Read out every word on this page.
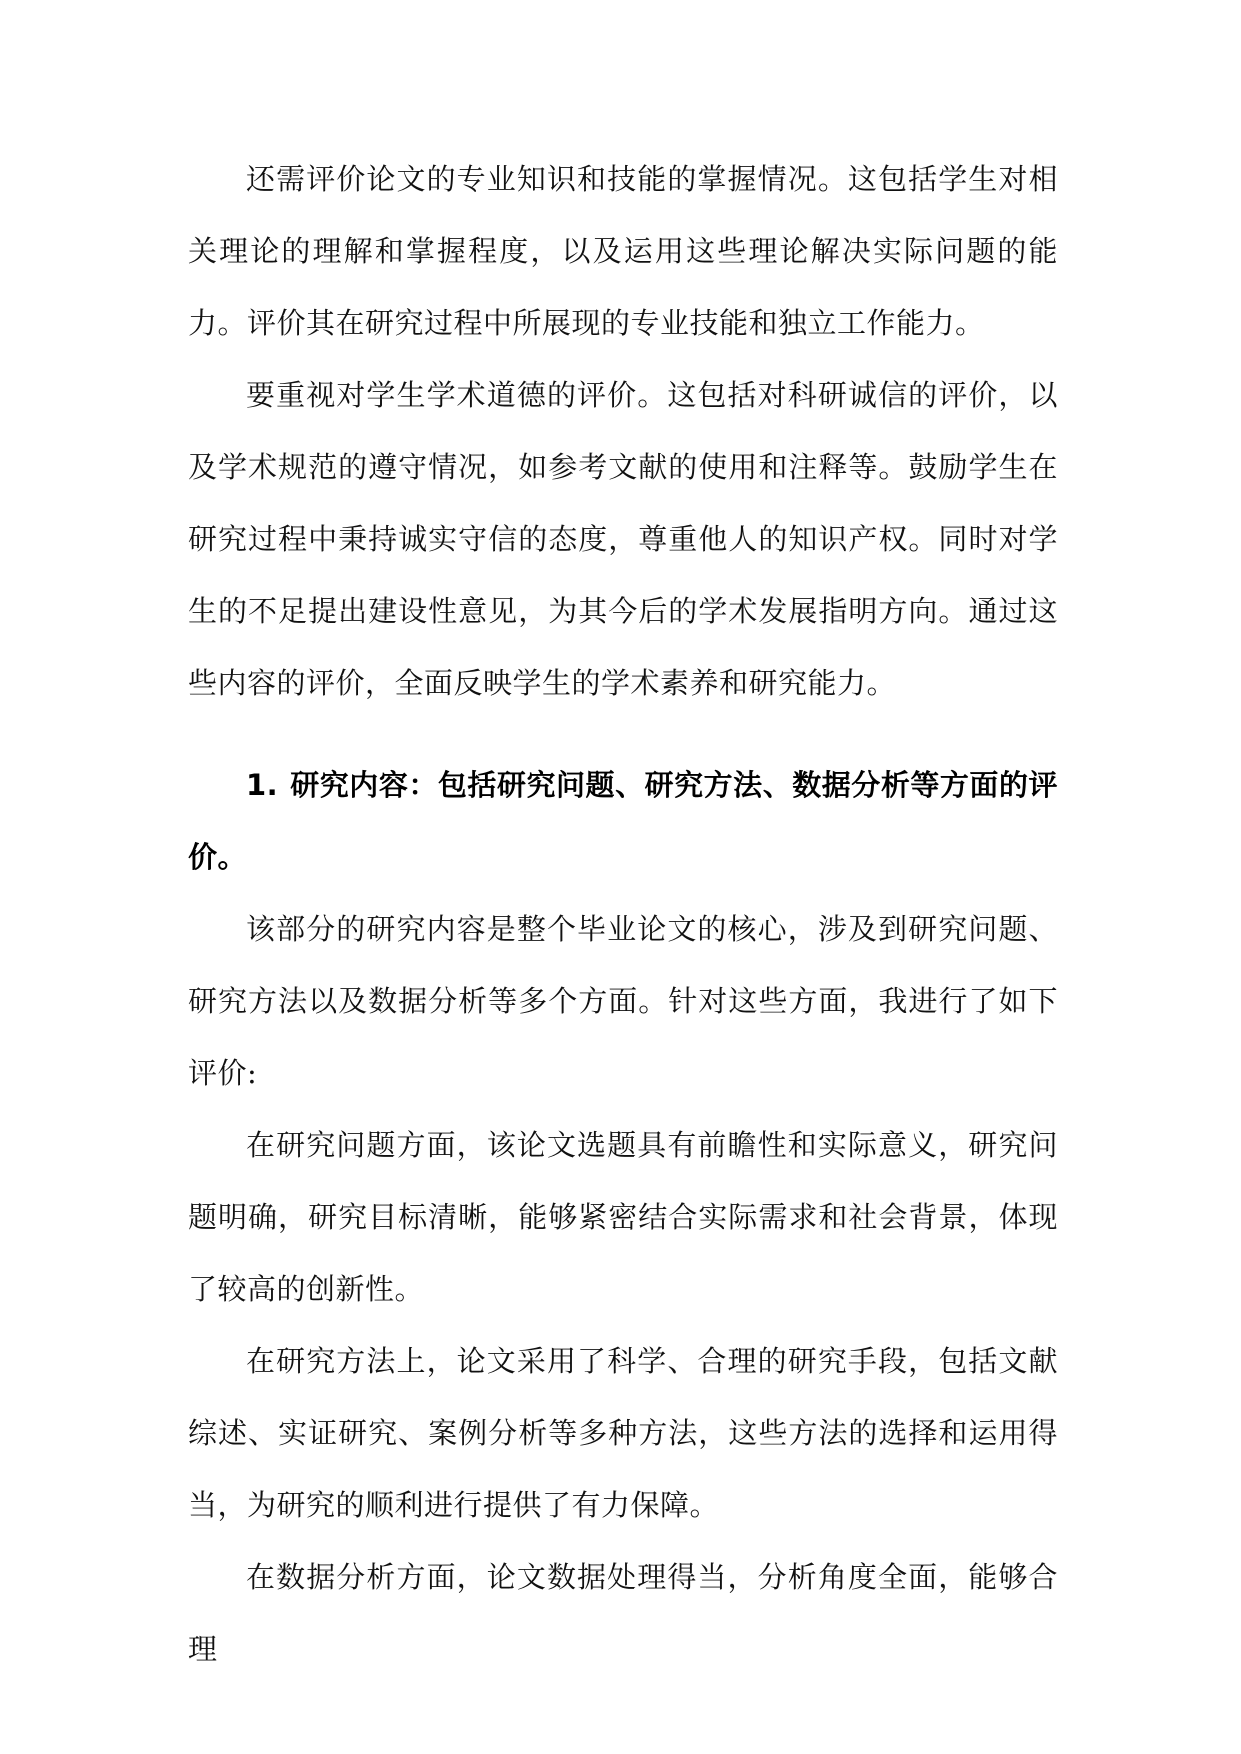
还需评价论文的专业知识和技能的掌握情况。这包括学生对相关理论的理解和掌握程度，以及运用这些理论解决实际问题的能力。评价其在研究过程中所展现的专业技能和独立工作能力。

要重视对学生学术道德的评价。这包括对科研诚信的评价，以及学术规范的遵守情况，如参考文献的使用和注释等。鼓励学生在研究过程中秉持诚实守信的态度，尊重他人的知识产权。同时对学生的不足提出建设性意见，为其今后的学术发展指明方向。通过这些内容的评价，全面反映学生的学术素养和研究能力。

1. 研究内容：包括研究问题、研究方法、数据分析等方面的评价。

该部分的研究内容是整个毕业论文的核心，涉及到研究问题、研究方法以及数据分析等多个方面。针对这些方面，我进行了如下评价:

在研究问题方面，该论文选题具有前瞻性和实际意义，研究问题明确，研究目标清晰，能够紧密结合实际需求和社会背景，体现了较高的创新性。

在研究方法上，论文采用了科学、合理的研究手段，包括文献综述、实证研究、案例分析等多种方法，这些方法的选择和运用得当，为研究的顺利进行提供了有力保障。

在数据分析方面，论文数据处理得当，分析角度全面，能够合理
